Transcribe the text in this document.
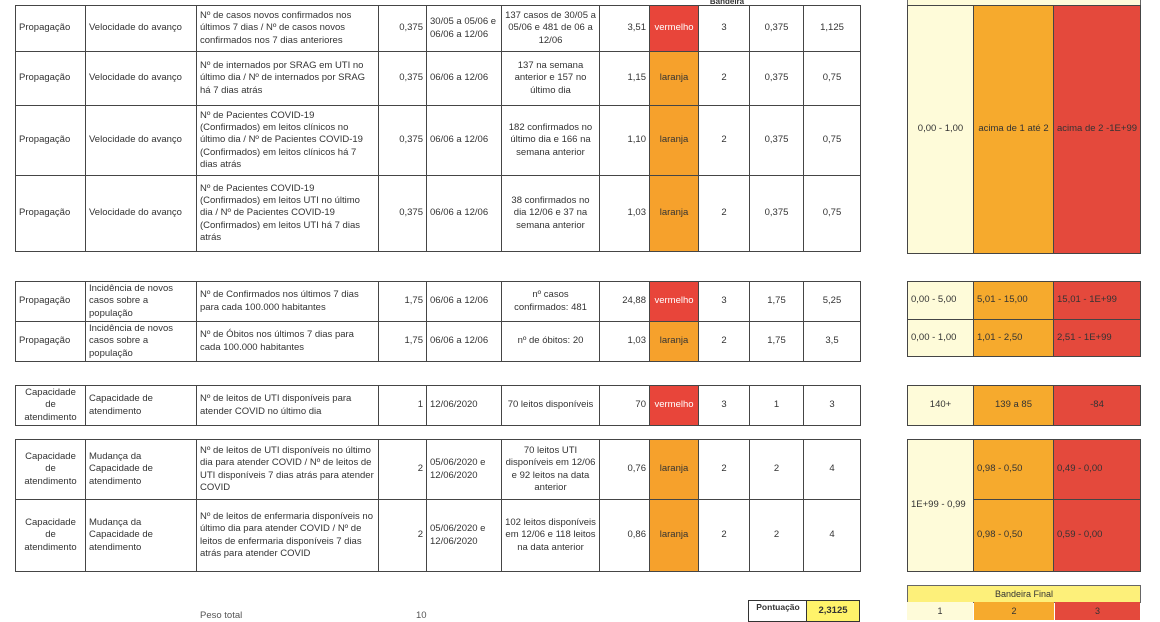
Bandeira
Propagação	Velocidade do avanço	Nº de casos novos confirmados nos últimos 7 dias / Nº de casos novos confirmados nos 7 dias anteriores	0,375	30/05 a 05/06 e 06/06 a 12/06	137 casos de 30/05 a 05/06 e 481 de 06 a 12/06	3,51	vermelho	3	0,375	1,125
Propagação	Velocidade do avanço	Nº de internados por SRAG em UTI no último dia / Nº de internados por SRAG há 7 dias atrás	0,375	06/06 a 12/06	137 na semana anterior e 157 no último dia	1,15	laranja	2	0,375	0,75
Propagação	Velocidade do avanço	Nº de Pacientes COVID-19 (Confirmados) em leitos clínicos no último dia / Nº de Pacientes COVID-19 (Confirmados) em leitos clínicos há 7 dias atrás	0,375	06/06 a 12/06	182 confirmados no último dia e 166 na semana anterior	1,10	laranja	2	0,375	0,75
Propagação	Velocidade do avanço	Nº de Pacientes COVID-19 (Confirmados) em leitos UTI no último dia / Nº de Pacientes COVID-19 (Confirmados) em leitos UTI há 7 dias atrás	0,375	06/06 a 12/06	38 confirmados no dia 12/06 e 37 na semana anterior	1,03	laranja	2	0,375	0,75
0,00 - 1,00	acima de 1 até 2	acima de 2 -1E+99
Propagação	Incidência de novos casos sobre a população	Nº de Confirmados nos últimos 7 dias para cada 100.000 habitantes	1,75	06/06 a 12/06	nº casos confirmados: 481	24,88	vermelho	3	1,75	5,25
Propagação	Incidência de novos casos sobre a população	Nº de Óbitos nos últimos 7 dias para cada 100.000 habitantes	1,75	06/06 a 12/06	nº de óbitos: 20	1,03	laranja	2	1,75	3,5
0,00 - 5,00	5,01 - 15,00	15,01 - 1E+99
0,00 - 1,00	1,01 - 2,50	2,51 - 1E+99
Capacidade de atendimento	Capacidade de atendimento	Nº de leitos de UTI disponíveis para atender COVID no último dia	1	12/06/2020	70 leitos disponíveis	70	vermelho	3	1	3	140+	139 a 85	-84
Capacidade de atendimento	Mudança da Capacidade de atendimento	Nº de leitos de UTI disponíveis no último dia para atender COVID / Nº de leitos de UTI disponíveis 7 dias atrás para atender COVID	2	05/06/2020 e 12/06/2020	70 leitos UTI disponíveis em 12/06 e 92 leitos na data anterior	0,76	laranja	2	2	4
Capacidade de atendimento	Mudança da Capacidade de atendimento	Nº de leitos de enfermaria disponíveis no último dia para atender COVID / Nº de leitos de enfermaria disponíveis 7 dias atrás para atender COVID	2	05/06/2020 e 12/06/2020	102 leitos disponíveis em 12/06 e 118 leitos na data anterior	0,86	laranja	2	2	4
1E+99 - 0,99	0,98 - 0,50	0,49 - 0,00
	0,98 - 0,50	0,59 - 0,00
Peso total	10
Pontuação	2,3125
Bandeira Final
1	2	3
